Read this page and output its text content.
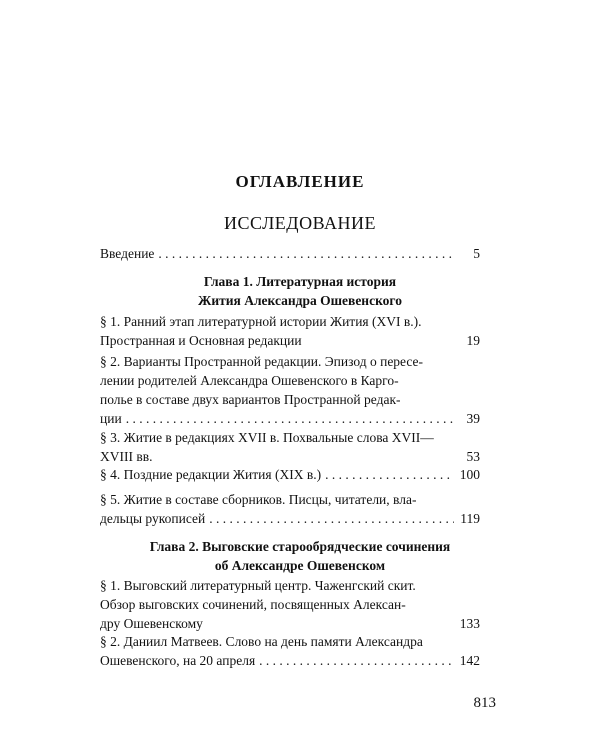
ОГЛАВЛЕНИЕ
ИССЛЕДОВАНИЕ
Введение . . .	5
Глава 1. Литературная история
Жития Александра Ошевенского
§ 1. Ранний этап литературной истории Жития (XVI в.).
Пространная и Основная редакции	19
§ 2. Варианты Пространной редакции. Эпизод о пересе-
лении родителей Александра Ошевенского в Карго-
полье в составе двух вариантов Пространной редак-
ции . . .	39
§ 3. Житие в редакциях XVII в. Похвальные слова XVII—
XVIII вв.	53
§ 4. Поздние редакции Жития (XIX в.) . . .	100
§ 5. Житие в составе сборников. Писцы, читатели, вла-
дельцы рукописей . . .	119
Глава 2. Выговские старообрядческие сочинения
об Александре Ошевенском
§ 1. Выговский литературный центр. Чаженгский скит.
Обзор выговских сочинений, посвященных Алексан-
дру Ошевенскому	133
§ 2. Даниил Матвеев. Слово на день памяти Александра
Ошевенского, на 20 апреля . . .	142
813
